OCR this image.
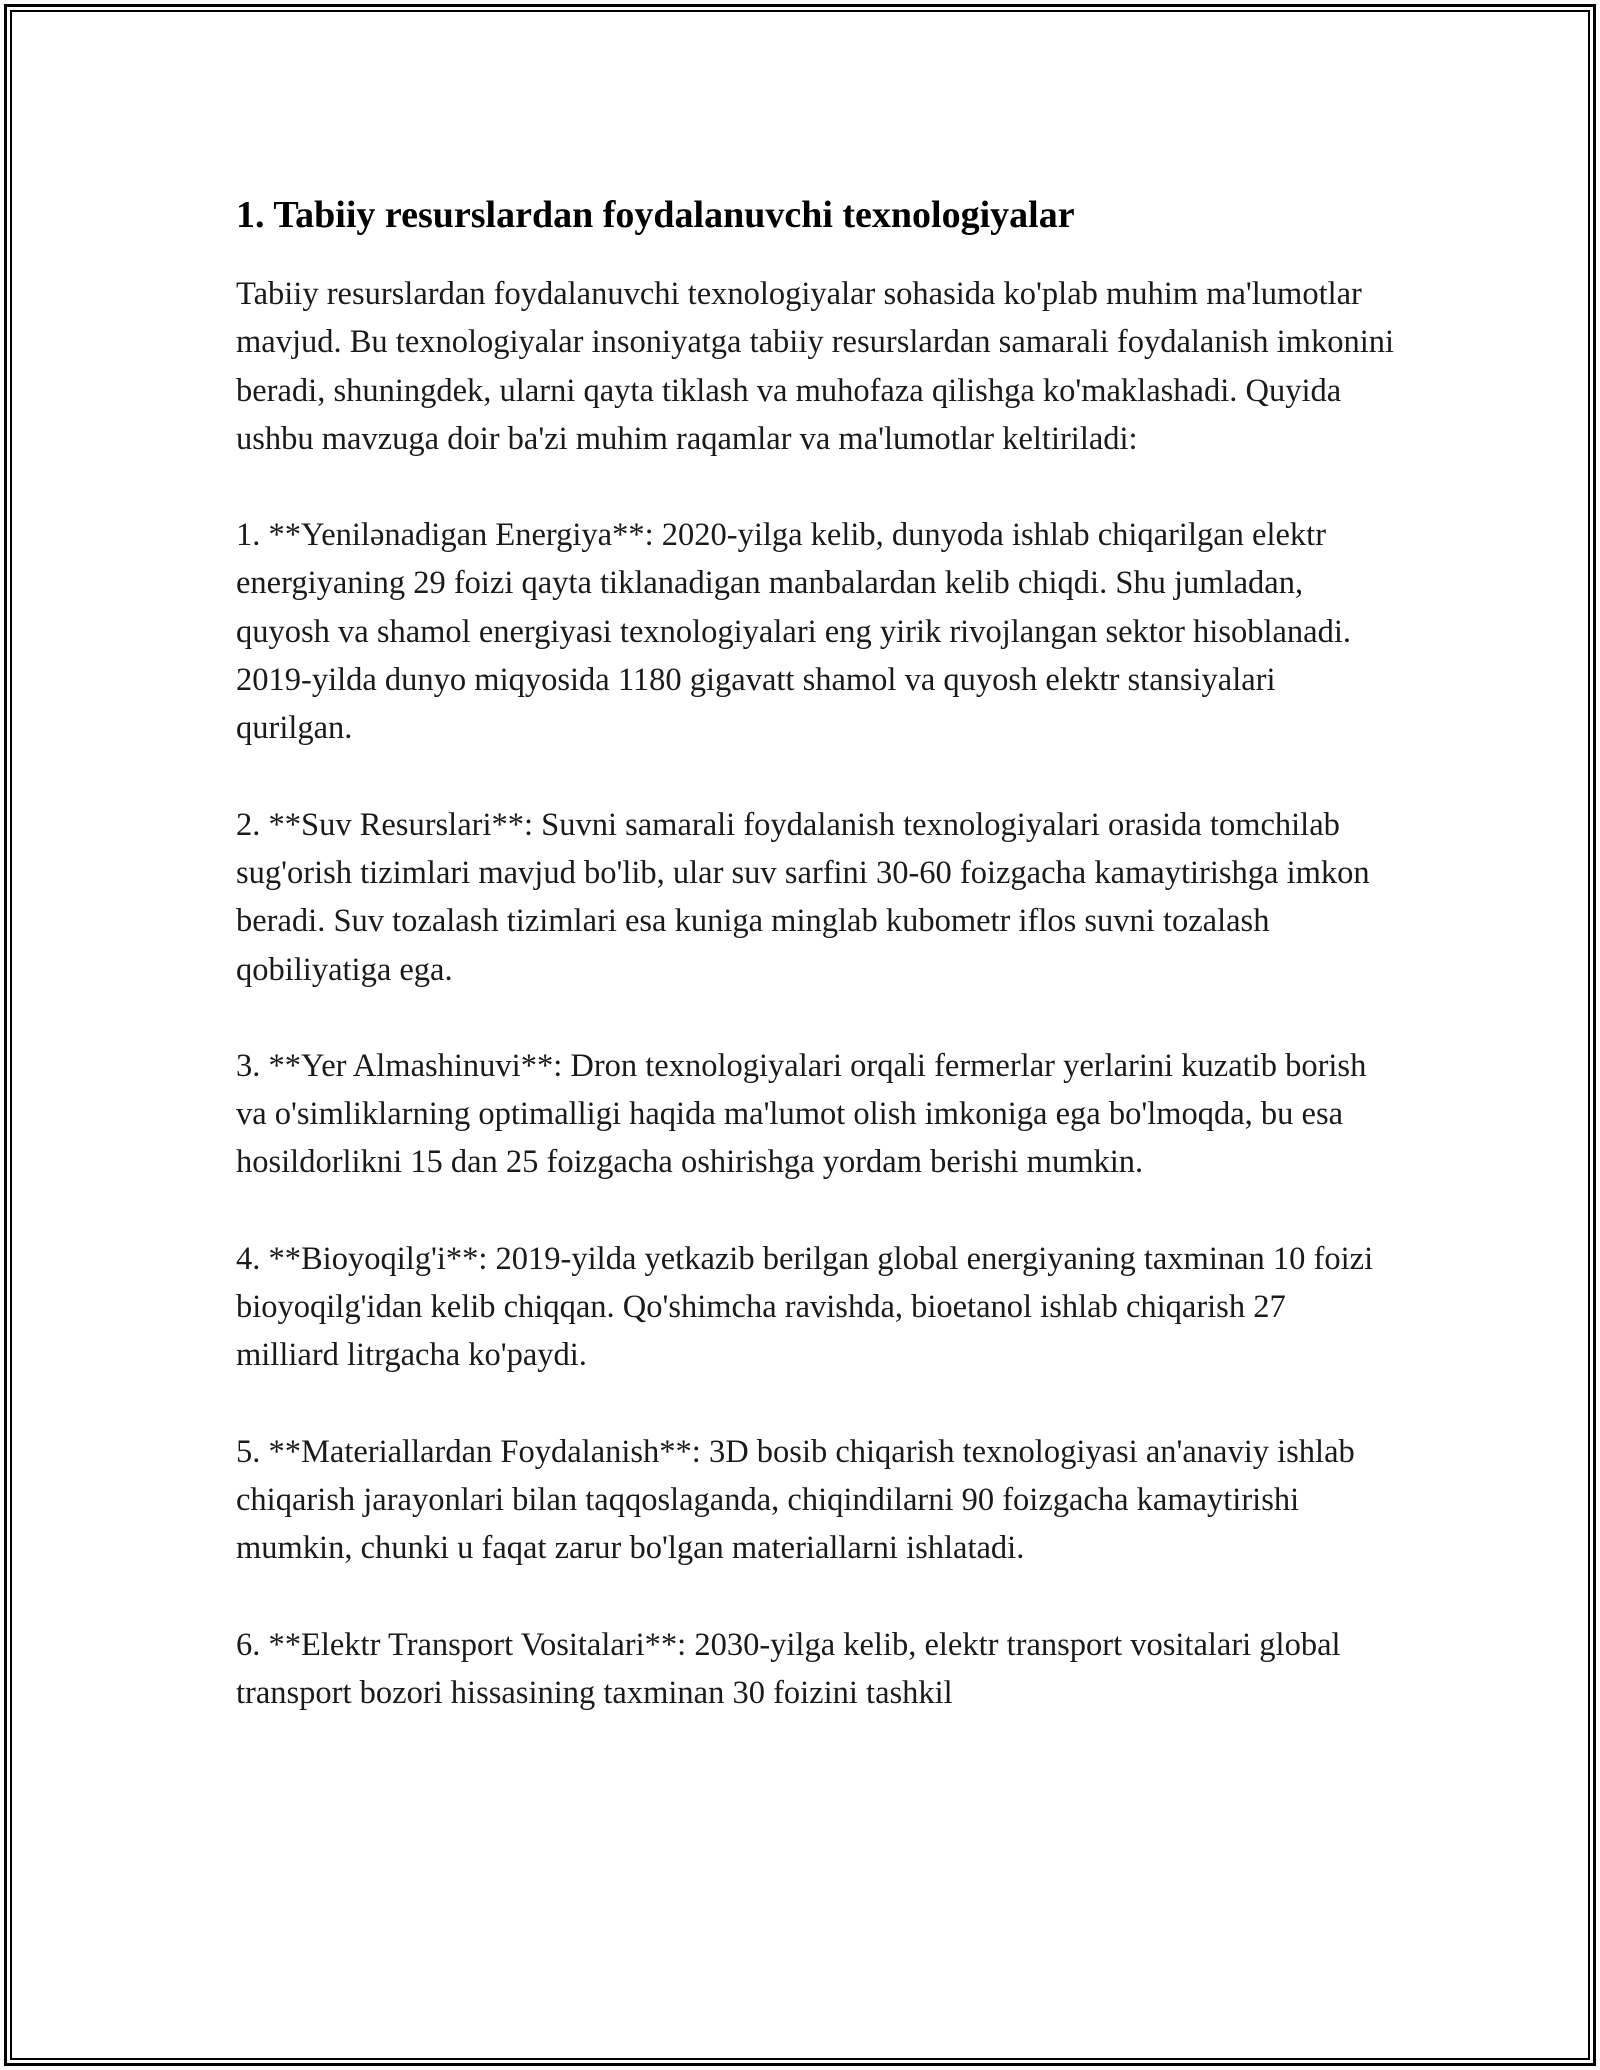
1. Tabiiy resurslardan foydalanuvchi texnologiyalar

Tabiiy resurslardan foydalanuvchi texnologiyalar sohasida ko'plab muhim ma'lumotlar mavjud. Bu texnologiyalar insoniyatga tabiiy resurslardan samarali foydalanish imkonini beradi, shuningdek, ularni qayta tiklash va muhofaza qilishga ko'maklashadi. Quyida ushbu mavzuga doir ba'zi muhim raqamlar va ma'lumotlar keltiriladi:

1. **Yenilənadigan Energiya**: 2020-yilga kelib, dunyoda ishlab chiqarilgan elektr energiyaning 29 foizi qayta tiklanadigan manbalardan kelib chiqdi. Shu jumladan, quyosh va shamol energiyasi texnologiyalari eng yirik rivojlangan sektor hisoblanadi. 2019-yilda dunyo miqyosida 1180 gigavatt shamol va quyosh elektr stansiyalari qurilgan.

2. **Suv Resurslari**: Suvni samarali foydalanish texnologiyalari orasida tomchilab sug'orish tizimlari mavjud bo'lib, ular suv sarfini 30-60 foizgacha kamaytirishga imkon beradi. Suv tozalash tizimlari esa kuniga minglab kubometr iflos suvni tozalash qobiliyatiga ega.

3. **Yer Almashinuvi**: Dron texnologiyalari orqali fermerlar yerlarini kuzatib borish va o'simliklarning optimalligi haqida ma'lumot olish imkoniga ega bo'lmoqda, bu esa hosildorlikni 15 dan 25 foizgacha oshirishga yordam berishi mumkin.

4. **Bioyoqilg'i**: 2019-yilda yetkazib berilgan global energiyaning taxminan 10 foizi bioyoqilg'idan kelib chiqqan. Qo'shimcha ravishda, bioetanol ishlab chiqarish 27 milliard litrgacha ko'paydi.

5. **Materiallardan Foydalanish**: 3D bosib chiqarish texnologiyasi an'anaviy ishlab chiqarish jarayonlari bilan taqqoslaganda, chiqindilarni 90 foizgacha kamaytirishi mumkin, chunki u faqat zarur bo'lgan materiallarni ishlatadi.

6. **Elektr Transport Vositalari**: 2030-yilga kelib, elektr transport vositalari global transport bozori hissasining taxminan 30 foizini tashkil
